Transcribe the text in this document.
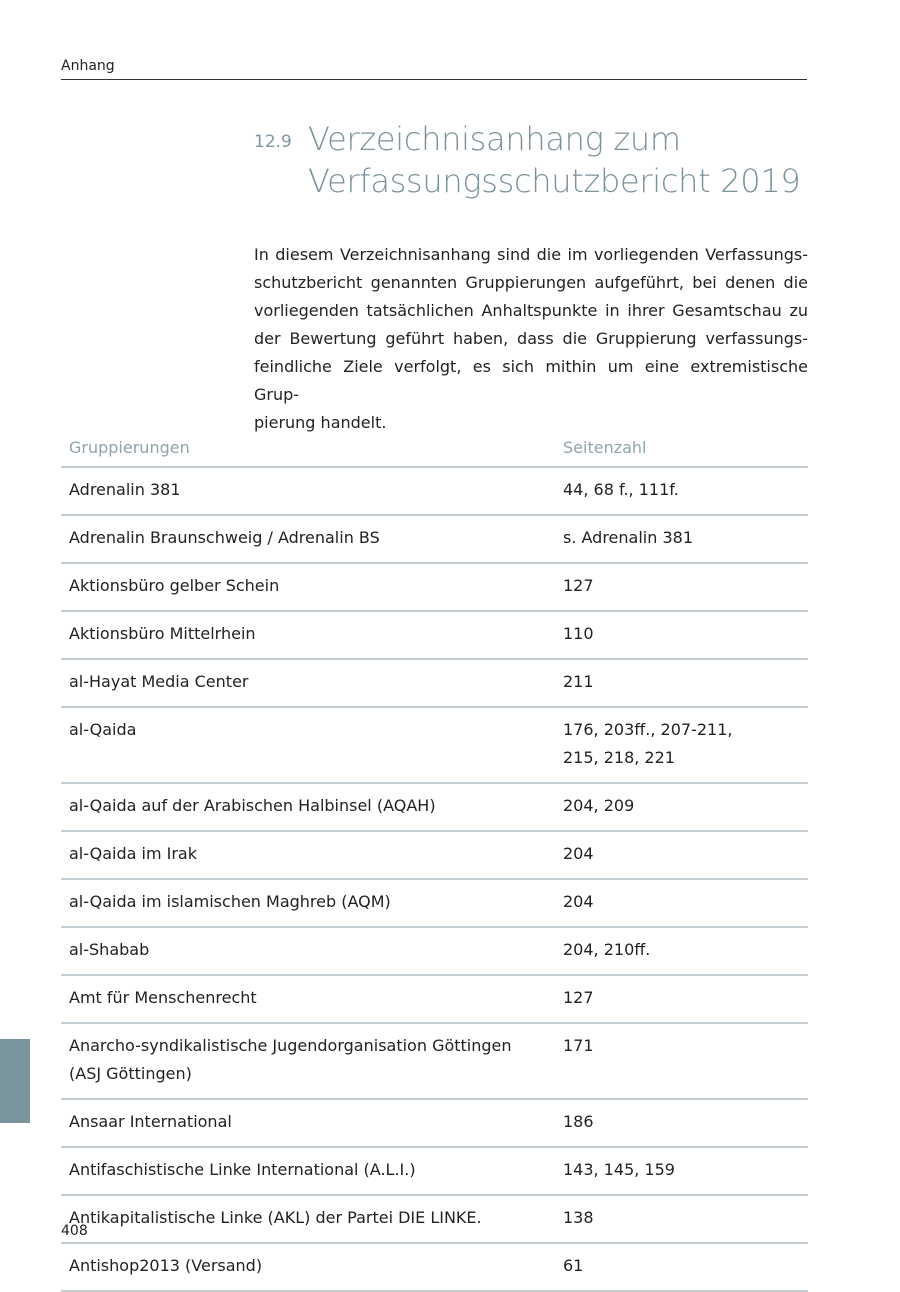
Anhang
12.9 Verzeichnisanhang zum
Verfassungsschutzbericht 2019
In diesem Verzeichnisanhang sind die im vorliegenden Verfassungs-
schutzbericht genannten Gruppierungen aufgeführt, bei denen die
vorliegenden tatsächlichen Anhaltspunkte in ihrer Gesamtschau zu
der Bewertung geführt haben, dass die Gruppierung verfassungs-
feindliche Ziele verfolgt, es sich mithin um eine extremistische Grup-
pierung handelt.
Gruppierungen	Seitenzahl
Adrenalin 381	44, 68 f., 111f.
Adrenalin Braunschweig / Adrenalin BS	s. Adrenalin 381
Aktionsbüro gelber Schein	127
Aktionsbüro Mittelrhein	110
al-Hayat Media Center	211
al-Qaida	176, 203ff., 207-211, 215, 218, 221
al-Qaida auf der Arabischen Halbinsel (AQAH)	204, 209
al-Qaida im Irak	204
al-Qaida im islamischen Maghreb (AQM)	204
al-Shabab	204, 210ff.
Amt für Menschenrecht	127
Anarcho-syndikalistische Jugendorganisation Göttingen (ASJ Göttingen)	171
Ansaar International	186
Antifaschistische Linke International (A.L.I.)	143, 145, 159
Antikapitalistische Linke (AKL) der Partei DIE LINKE.	138
Antishop2013 (Versand)	61
408
